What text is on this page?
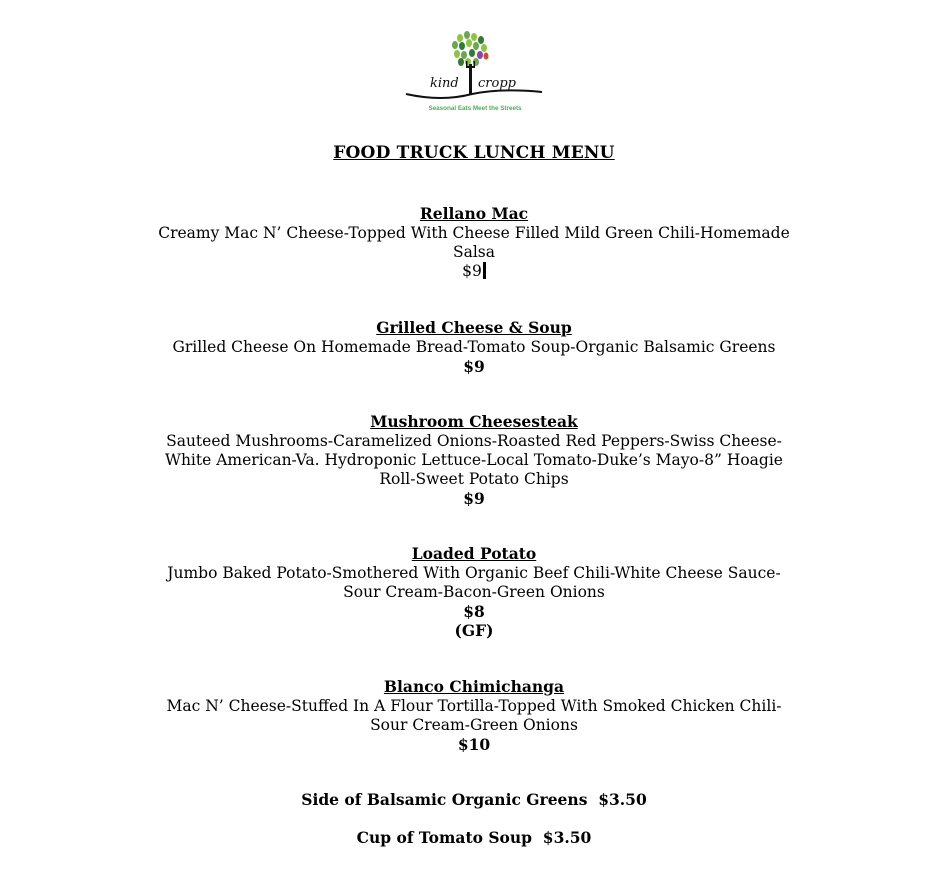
kind cropp
Seasonal Eats Meet the Streets
FOOD TRUCK LUNCH MENU
Rellano Mac
Creamy Mac N’ Cheese-Topped With Cheese Filled Mild Green Chili-Homemade Salsa
$9
Grilled Cheese & Soup
Grilled Cheese On Homemade Bread-Tomato Soup-Organic Balsamic Greens
$9
Mushroom Cheesesteak
Sauteed Mushrooms-Caramelized Onions-Roasted Red Peppers-Swiss Cheese-White American-Va. Hydroponic Lettuce-Local Tomato-Duke’s Mayo-8” Hoagie Roll-Sweet Potato Chips
$9
Loaded Potato
Jumbo Baked Potato-Smothered With Organic Beef Chili-White Cheese Sauce-Sour Cream-Bacon-Green Onions
$8
(GF)
Blanco Chimichanga
Mac N’ Cheese-Stuffed In A Flour Tortilla-Topped With Smoked Chicken Chili-Sour Cream-Green Onions
$10
Side of Balsamic Organic Greens  $3.50
Cup of Tomato Soup  $3.50
